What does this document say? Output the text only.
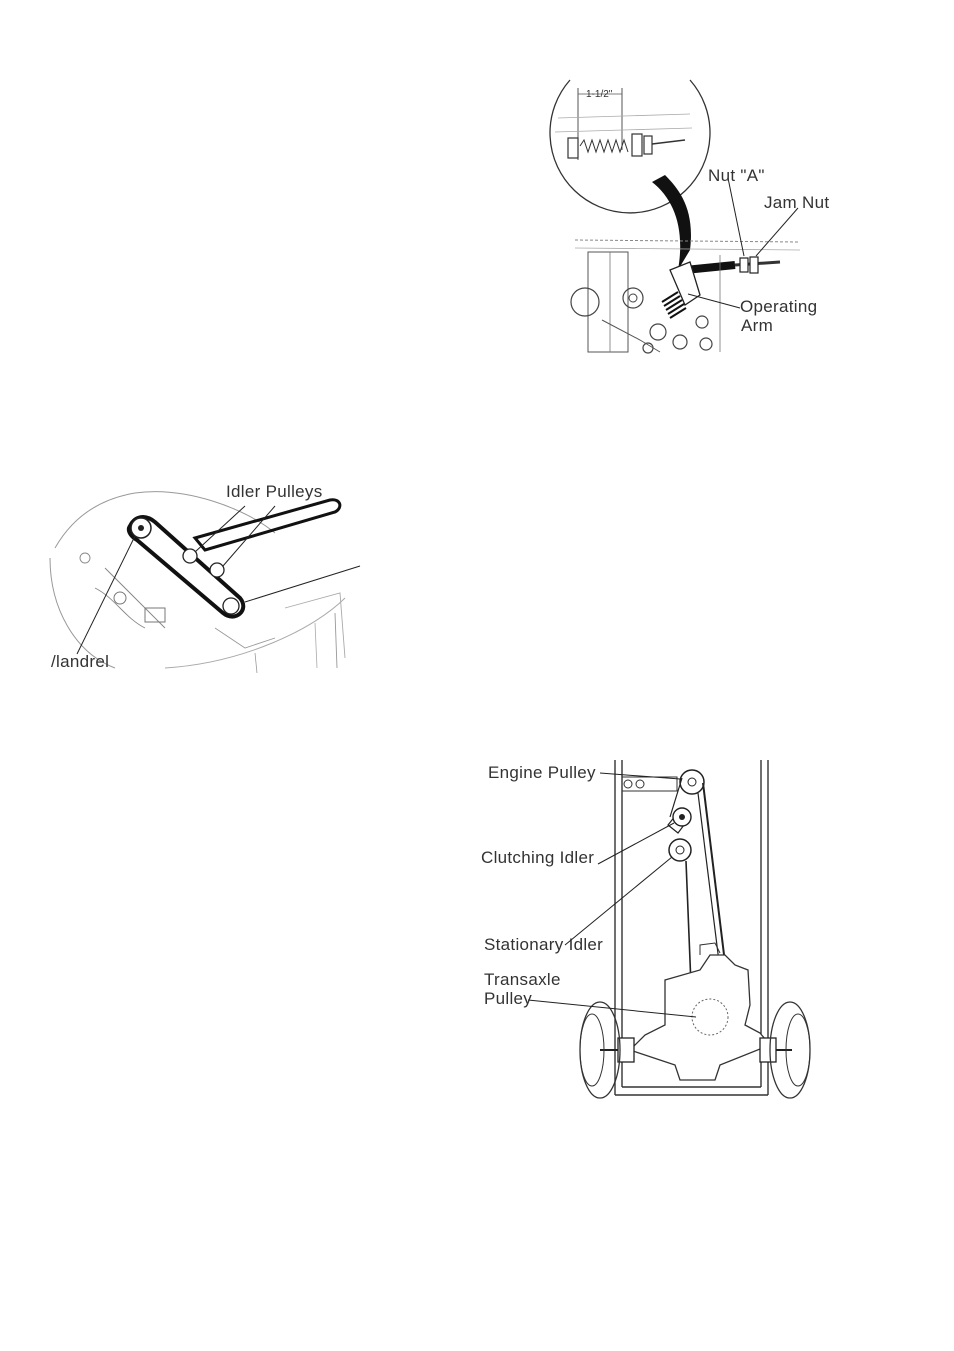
1-1/2"
Nut "A"
Jam Nut
Operating
Arm
Idler Pulleys
/landrel
Engine Pulley
Clutching Idler
Stationary Idler
Transaxle
Pulley
